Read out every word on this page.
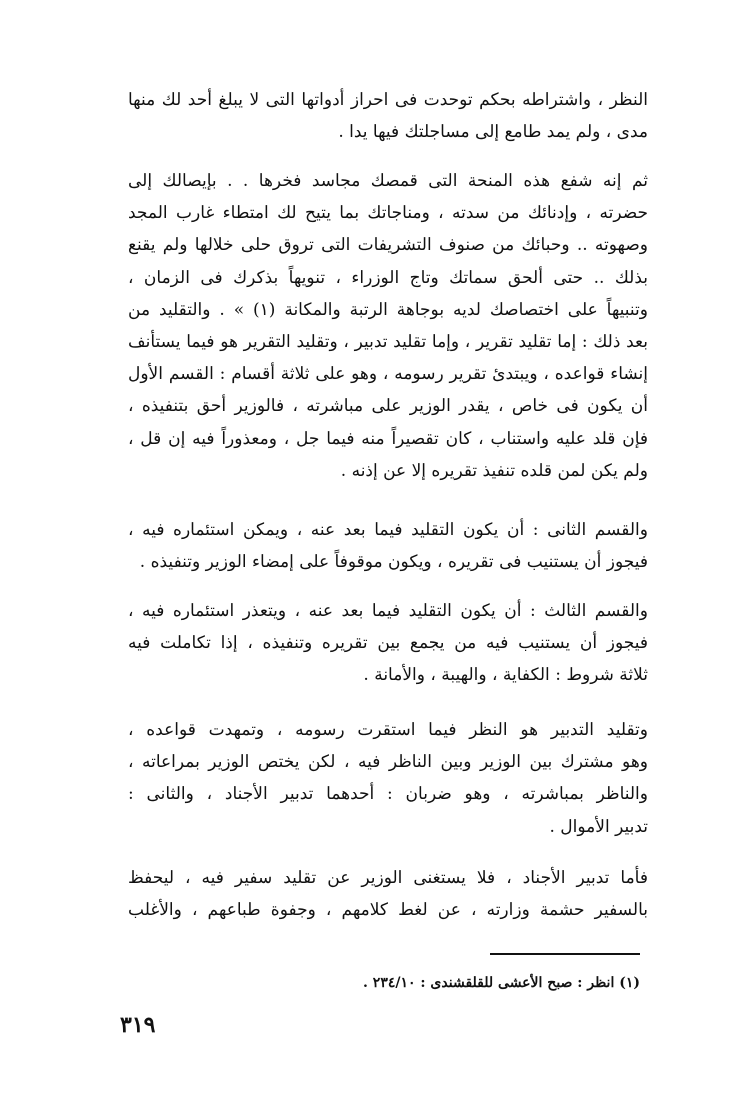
النظر ، واشتراطه بحكم توحدت فى احراز أدواتها التى لا يبلغ أحد لك منها
مدى ، ولم يمد طامع إلى مساجلتك فيها يدا .
ثم إنه شفع هذه المنحة التى قمصك مجاسد فخرها . . بإيصالك إلى
حضرته ، وإدنائك من سدته ، ومناجاتك بما يتيح لك امتطاء غارب المجد
وصهوته .. وحبائك من صنوف التشريفات التى تروق حلى خلالها ولم يقنع
بذلك .. حتى ألحق سماتك وتاج الوزراء ، تنويهاً بذكرك فى الزمان ،
وتنبيهاً على اختصاصك لديه بوجاهة الرتبة والمكانة (١) » . والتقليد من
بعد ذلك : إما تقليد تقرير ، وإما تقليد تدبير ، وتقليد التقرير هو فيما يستأنف
إنشاء قواعده ، ويبتدئ تقرير رسومه ، وهو على ثلاثة أقسام : القسم الأول
أن يكون فى خاص ، يقدر الوزير على مباشرته ، فالوزير أحق بتنفيذه ،
فإن قلد عليه واستناب ، كان تقصيراً منه فيما جل ، ومعذوراً فيه إن قل ،
ولم يكن لمن قلده تنفيذ تقريره إلا عن إذنه .
والقسم الثانى : أن يكون التقليد فيما بعد عنه ، ويمكن استئماره فيه ،
فيجوز أن يستنيب فى تقريره ، ويكون موقوفاً على إمضاء الوزير وتنفيذه .
والقسم الثالث : أن يكون التقليد فيما بعد عنه ، ويتعذر استئماره فيه ،
فيجوز أن يستنيب فيه من يجمع بين تقريره وتنفيذه ، إذا تكاملت فيه
ثلاثة شروط : الكفاية ، والهيبة ، والأمانة .
وتقليد التدبير هو النظر فيما استقرت رسومه ، وتمهدت قواعده ،
وهو مشترك بين الوزير وبين الناظر فيه ، لكن يختص الوزير بمراعاته ،
والناظر بمباشرته ، وهو ضربان : أحدهما تدبير الأجناد ، والثانى :
تدبير الأموال .
فأما تدبير الأجناد ، فلا يستغنى الوزير عن تقليد سفير فيه ، ليحفظ
بالسفير حشمة وزارته ، عن لغط كلامهم ، وجفوة طباعهم ، والأغلب
(١) انظر : صبح الأعشى للقلقشندى : ٢٣٤/١٠ .
٣١٩
